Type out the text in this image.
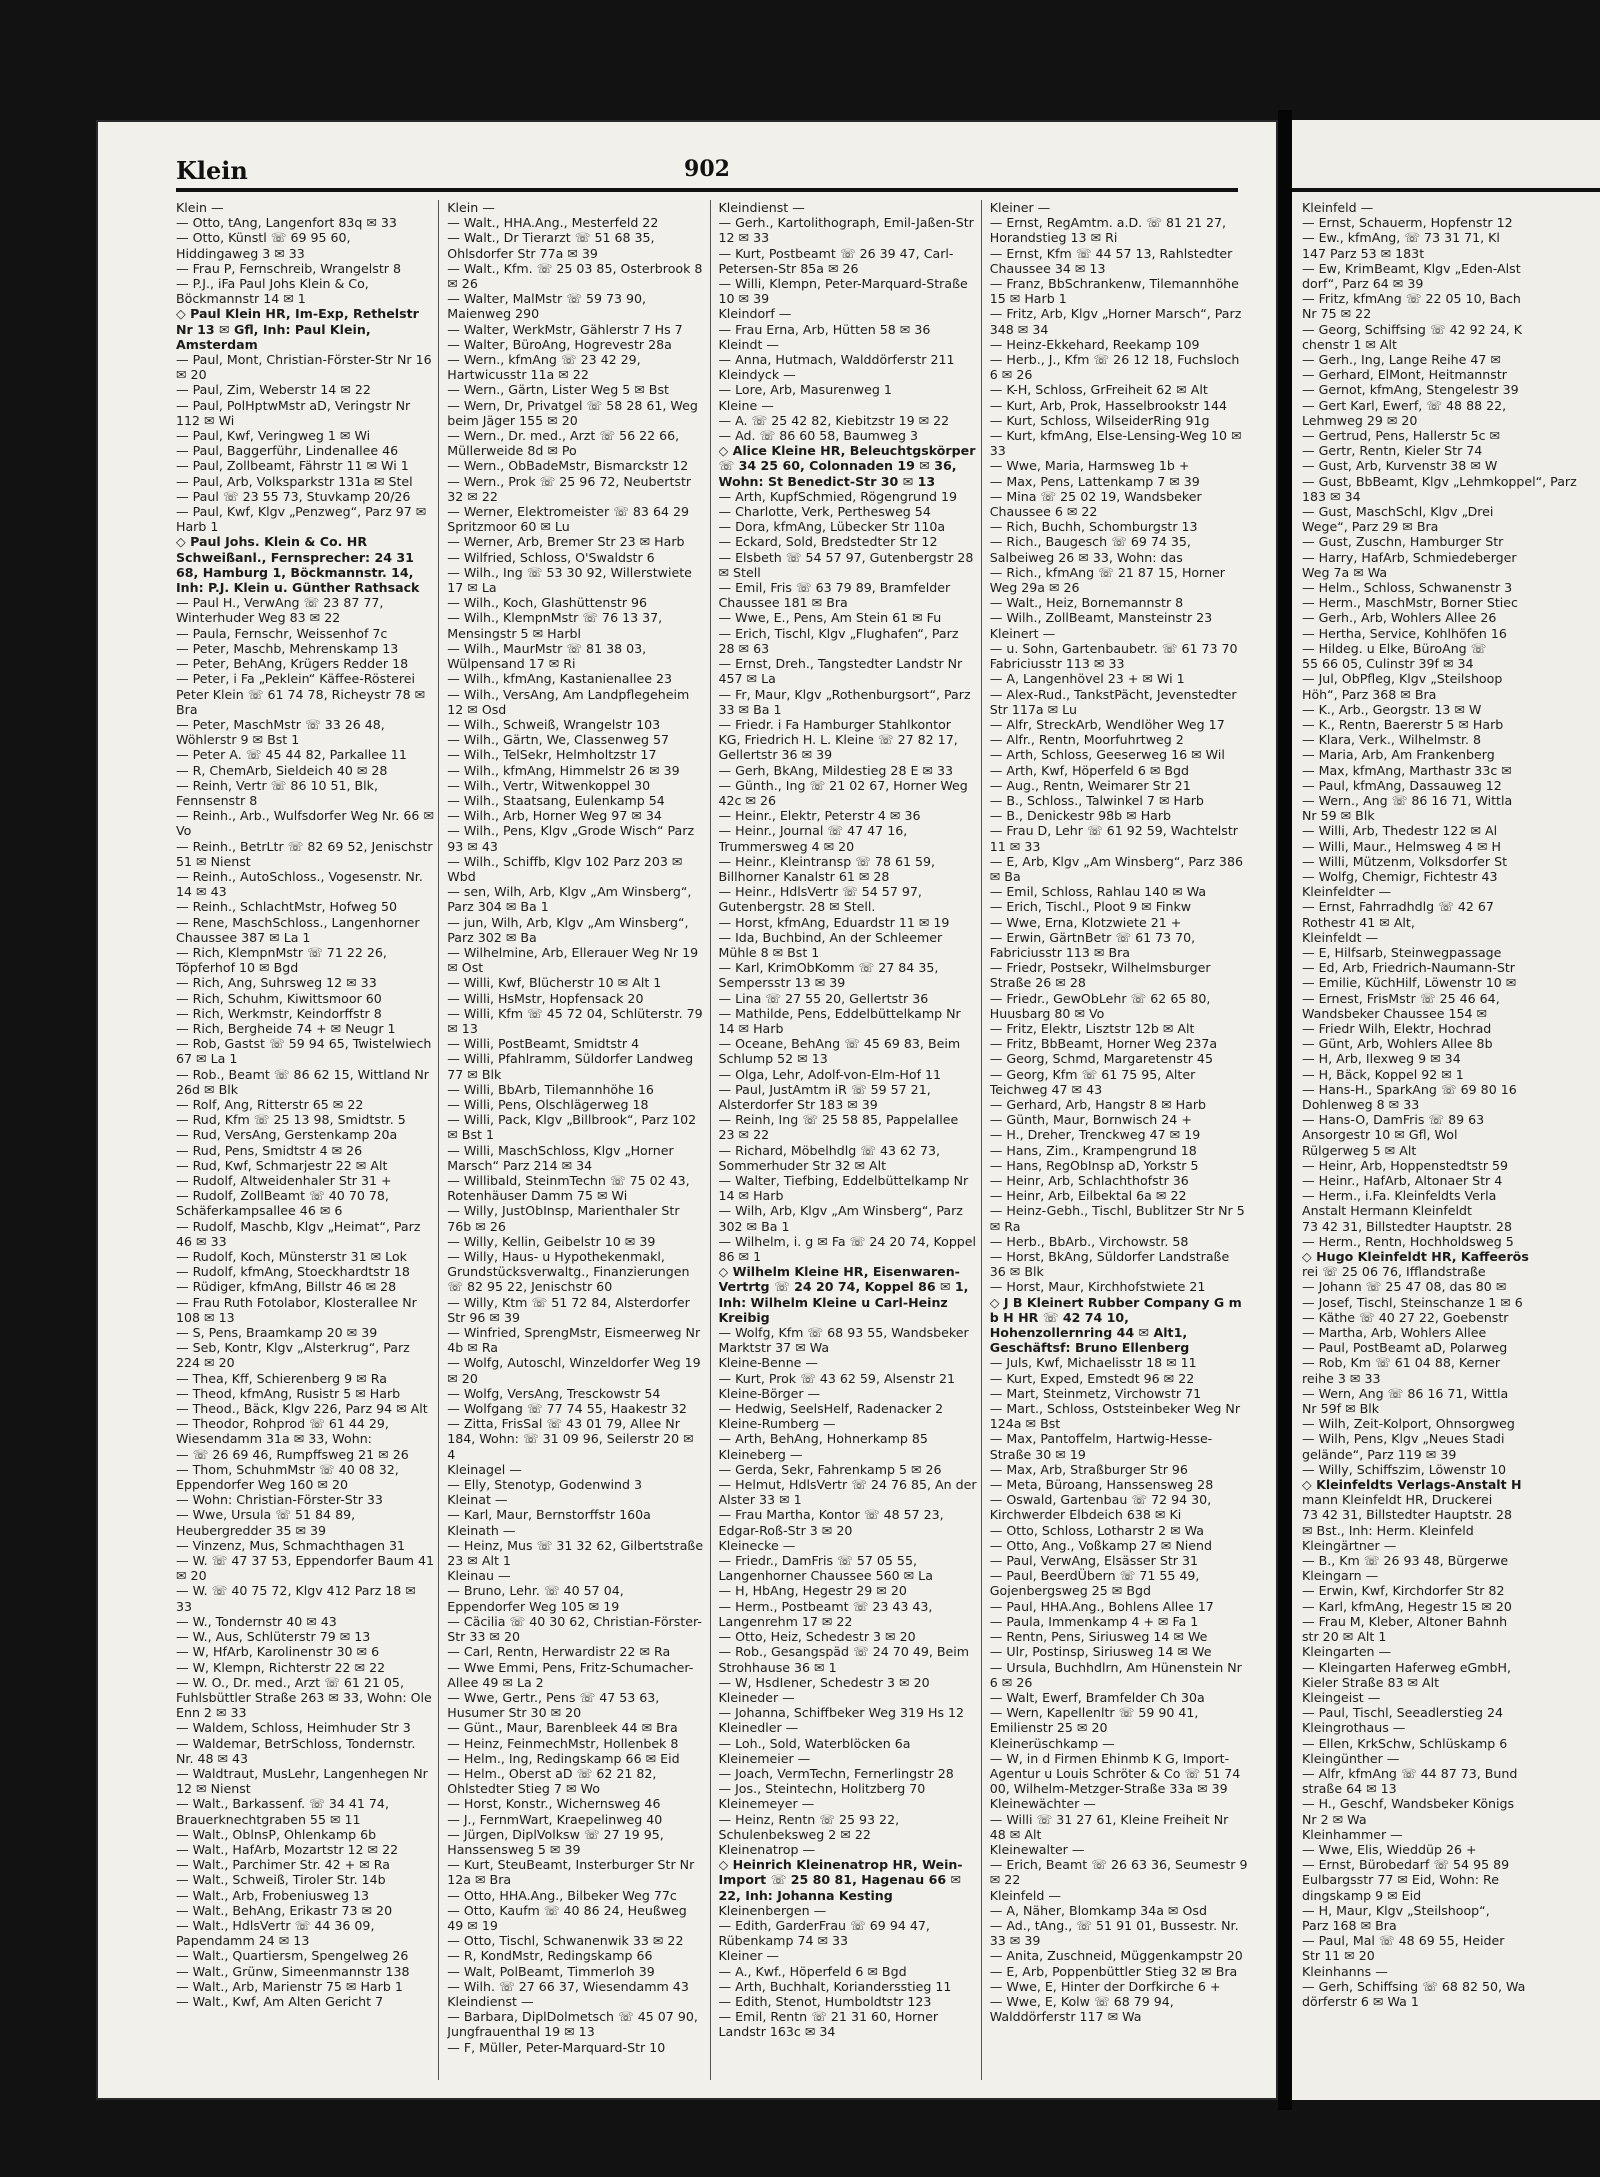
Klein	902

Klein —

— Otto, tAng, Langenfort 83q ✉ 33

— Otto, Künstl ☏ 69 95 60, Hiddingaweg 3 ✉ 33

— Frau P, Fernschreib, Wrangelstr 8

— P.J., iFa Paul Johs Klein & Co, Böckmannstr 14 ✉ 1

◇ Paul Klein HR, Im-Exp, Rethelstr Nr 13 ✉ Gfl, Inh: Paul Klein, Amsterdam

— Paul, Mont, Christian-Förster-Str Nr 16 ✉ 20

— Paul, Zim, Weberstr 14 ✉ 22

— Paul, PolHptwMstr aD, Veringstr Nr 112 ✉ Wi

— Paul, Kwf, Veringweg 1 ✉ Wi

— Paul, Baggerführ, Lindenallee 46

— Paul, Zollbeamt, Fährstr 11 ✉ Wi 1

— Paul, Arb, Volksparkstr 131a ✉ Stel

— Paul ☏ 23 55 73, Stuvkamp 20/26

— Paul, Kwf, Klgv „Penzweg“, Parz 97 ✉ Harb 1

◇ Paul Johs. Klein & Co. HR Schweißanl., Fernsprecher: 24 31 68, Hamburg 1, Böckmannstr. 14, Inh: P.J. Klein u. Günther Rathsack

— Paul H., VerwAng ☏ 23 87 77, Winterhuder Weg 83 ✉ 22

— Paula, Fernschr, Weissenhof 7c

— Peter, Maschb, Mehrenskamp 13

— Peter, BehAng, Krügers Redder 18

— Peter, i Fa „Peklein“ Käffee-Rösterei Peter Klein ☏ 61 74 78, Richeystr 78 ✉ Bra

— Peter, MaschMstr ☏ 33 26 48, Wöhlerstr 9 ✉ Bst 1

— Peter A. ☏ 45 44 82, Parkallee 11

— R, ChemArb, Sieldeich 40 ✉ 28

— Reinh, Vertr ☏ 86 10 51, Blk, Fennsenstr 8

— Reinh., Arb., Wulfsdorfer Weg Nr. 66 ✉ Vo

— Reinh., BetrLtr ☏ 82 69 52, Jenischstr 51 ✉ Nienst

— Reinh., AutoSchloss., Vogesenstr. Nr. 14 ✉ 43

— Reinh., SchlachtMstr, Hofweg 50

— Rene, MaschSchloss., Langenhorner Chaussee 387 ✉ La 1

— Rich, KlempnMstr ☏ 71 22 26, Töpferhof 10 ✉ Bgd

— Rich, Ang, Suhrsweg 12 ✉ 33

— Rich, Schuhm, Kiwittsmoor 60

— Rich, Werkmstr, Keindorffstr 8

— Rich, Bergheide 74 + ✉ Neugr 1

— Rob, Gastst ☏ 59 94 65, Twistelwiech 67 ✉ La 1

— Rob., Beamt ☏ 86 62 15, Wittland Nr 26d ✉ Blk

— Rolf, Ang, Ritterstr 65 ✉ 22

— Rud, Kfm ☏ 25 13 98, Smidtstr. 5

— Rud, VersAng, Gerstenkamp 20a

— Rud, Pens, Smidtstr 4 ✉ 26

— Rud, Kwf, Schmarjestr 22 ✉ Alt

— Rudolf, Altweidenhaler Str 31 +

— Rudolf, ZollBeamt ☏ 40 70 78, Schäferkampsallee 46 ✉ 6

— Rudolf, Maschb, Klgv „Heimat“, Parz 46 ✉ 33

— Rudolf, Koch, Münsterstr 31 ✉ Lok

— Rudolf, kfmAng, Stoeckhardtstr 18

— Rüdiger, kfmAng, Billstr 46 ✉ 28

— Frau Ruth Fotolabor, Klosterallee Nr 108 ✉ 13

— S, Pens, Braamkamp 20 ✉ 39

— Seb, Kontr, Klgv „Alsterkrug“, Parz 224 ✉ 20

— Thea, Kff, Schierenberg 9 ✉ Ra

— Theod, kfmAng, Rusistr 5 ✉ Harb

— Theod., Bäck, Klgv 226, Parz 94 ✉ Alt

— Theodor, Rohprod ☏ 61 44 29, Wiesendamm 31a ✉ 33, Wohn:

— ☏ 26 69 46, Rumpffsweg 21 ✉ 26

— Thom, SchuhmMstr ☏ 40 08 32, Eppendorfer Weg 160 ✉ 20

— Wohn: Christian-Förster-Str 33

— Wwe, Ursula ☏ 51 84 89, Heubergredder 35 ✉ 39

— Vinzenz, Mus, Schmachthagen 31

— W. ☏ 47 37 53, Eppendorfer Baum 41 ✉ 20

— W. ☏ 40 75 72, Klgv 412 Parz 18 ✉ 33

— W., Tondernstr 40 ✉ 43

— W., Aus, Schlüterstr 79 ✉ 13

— W, HfArb, Karolinenstr 30 ✉ 6

— W, Klempn, Richterstr 22 ✉ 22

— W. O., Dr. med., Arzt ☏ 61 21 05, Fuhlsbüttler Straße 263 ✉ 33, Wohn: Ole Enn 2 ✉ 33

— Waldem, Schloss, Heimhuder Str 3

— Waldemar, BetrSchloss, Tondernstr. Nr. 48 ✉ 43

— Waldtraut, MusLehr, Langenhegen Nr 12 ✉ Nienst

— Walt., Barkassenf. ☏ 34 41 74, Brauerknechtgraben 55 ✉ 11

— Walt., OblnsP, Ohlenkamp 6b

— Walt., HafArb, Mozartstr 12 ✉ 22

— Walt., Parchimer Str. 42 + ✉ Ra

— Walt., Schweiß, Tiroler Str. 14b

— Walt., Arb, Frobeniusweg 13

— Walt., BehAng, Erikastr 73 ✉ 20

— Walt., HdlsVertr ☏ 44 36 09, Papendamm 24 ✉ 13

— Walt., Quartiersm, Spengelweg 26

— Walt., Grünw, Simeenmannstr 138

— Walt., Arb, Marienstr 75 ✉ Harb 1

— Walt., Kwf, Am Alten Gericht 7

Klein —

— Walt., HHA.Ang., Mesterfeld 22

— Walt., Dr Tierarzt ☏ 51 68 35, Ohlsdorfer Str 77a ✉ 39

— Walt., Kfm. ☏ 25 03 85, Osterbrook 8 ✉ 26

— Walter, MalMstr ☏ 59 73 90, Maienweg 290

— Walter, WerkMstr, Gählerstr 7 Hs 7

— Walter, BüroAng, Hogrevestr 28a

— Wern., kfmAng ☏ 23 42 29, Hartwicusstr 11a ✉ 22

— Wern., Gärtn, Lister Weg 5 ✉ Bst

— Wern, Dr, Privatgel ☏ 58 28 61, Weg beim Jäger 155 ✉ 20

— Wern., Dr. med., Arzt ☏ 56 22 66, Müllerweide 8d ✉ Po

— Wern., ObBadeMstr, Bismarckstr 12

— Wern., Prok ☏ 25 96 72, Neubertstr 32 ✉ 22

— Werner, Elektromeister ☏ 83 64 29 Spritzmoor 60 ✉ Lu

— Werner, Arb, Bremer Str 23 ✉ Harb

— Wilfried, Schloss, O'Swaldstr 6

— Wilh., Ing ☏ 53 30 92, Willerstwiete 17 ✉ La

— Wilh., Koch, Glashüttenstr 96

— Wilh., KlempnMstr ☏ 76 13 37, Mensingstr 5 ✉ Harbl

— Wilh., MaurMstr ☏ 81 38 03, Wülpensand 17 ✉ Ri

— Wilh., kfmAng, Kastanienallee 23

— Wilh., VersAng, Am Landpflegeheim 12 ✉ Osd

— Wilh., Schweiß, Wrangelstr 103

— Wilh., Gärtn, We, Classenweg 57

— Wilh., TelSekr, Helmholtzstr 17

— Wilh., kfmAng, Himmelstr 26 ✉ 39

— Wilh., Vertr, Witwenkoppel 30

— Wilh., Staatsang, Eulenkamp 54

— Wilh., Arb, Horner Weg 97 ✉ 34

— Wilh., Pens, Klgv „Grode Wisch“ Parz 93 ✉ 43

— Wilh., Schiffb, Klgv 102 Parz 203 ✉ Wbd

— sen, Wilh, Arb, Klgv „Am Winsberg“, Parz 304 ✉ Ba 1

— jun, Wilh, Arb, Klgv „Am Winsberg“, Parz 302 ✉ Ba

— Wilhelmine, Arb, Ellerauer Weg Nr 19 ✉ Ost

— Willi, Kwf, Blücherstr 10 ✉ Alt 1

— Willi, HsMstr, Hopfensack 20

— Willi, Kfm ☏ 45 72 04, Schlüterstr. 79 ✉ 13

— Willi, PostBeamt, Smidtstr 4

— Willi, Pfahlramm, Süldorfer Landweg 77 ✉ Blk

— Willi, BbArb, Tilemannhöhe 16

— Willi, Pens, Olschlägerweg 18

— Willi, Pack, Klgv „Billbrook“, Parz 102 ✉ Bst 1

— Willi, MaschSchloss, Klgv „Horner Marsch“ Parz 214 ✉ 34

— Willibald, SteinmTechn ☏ 75 02 43, Rotenhäuser Damm 75 ✉ Wi

— Willy, JustObInsp, Marienthaler Str 76b ✉ 26

— Willy, Kellin, Geibelstr 10 ✉ 39

— Willy, Haus- u Hypothekenmakl, Grundstücksverwaltg., Finanzierungen ☏ 82 95 22, Jenischstr 60

— Willy, Ktm ☏ 51 72 84, Alsterdorfer Str 96 ✉ 39

— Winfried, SprengMstr, Eismeerweg Nr 4b ✉ Ra

— Wolfg, Autoschl, Winzeldorfer Weg 19 ✉ 20

— Wolfg, VersAng, Tresckowstr 54

— Wolfgang ☏ 77 74 55, Haakestr 32

— Zitta, FrisSal ☏ 43 01 79, Allee Nr 184, Wohn: ☏ 31 09 96, Seilerstr 20 ✉ 4

Kleinagel —

— Elly, Stenotyp, Godenwind 3

Kleinat —

— Karl, Maur, Bernstorffstr 160a

Kleinath —

— Heinz, Mus ☏ 31 32 62, Gilbertstraße 23 ✉ Alt 1

Kleinau —

— Bruno, Lehr. ☏ 40 57 04, Eppendorfer Weg 105 ✉ 19

— Cäcilia ☏ 40 30 62, Christian-Förster-Str 33 ✉ 20

— Carl, Rentn, Herwardistr 22 ✉ Ra

— Wwe Emmi, Pens, Fritz-Schumacher-Allee 49 ✉ La 2

— Wwe, Gertr., Pens ☏ 47 53 63, Husumer Str 30 ✉ 20

— Günt., Maur, Barenbleek 44 ✉ Bra

— Heinz, FeinmechMstr, Hollenbek 8

— Helm., Ing, Redingskamp 66 ✉ Eid

— Helm., Oberst aD ☏ 62 21 82, Ohlstedter Stieg 7 ✉ Wo

— Horst, Konstr., Wichernsweg 46

— J., FernmWart, Kraepelinweg 40

— Jürgen, DiplVolksw ☏ 27 19 95, Hanssensweg 5 ✉ 39

— Kurt, SteuBeamt, Insterburger Str Nr 12a ✉ Bra

— Otto, HHA.Ang., Bilbeker Weg 77c

— Otto, Kaufm ☏ 40 86 24, Heußweg 49 ✉ 19

— Otto, Tischl, Schwanenwik 33 ✉ 22

— R, KondMstr, Redingskamp 66

— Walt, PolBeamt, Timmerloh 39

— Wilh. ☏ 27 66 37, Wiesendamm 43

Kleindienst —

— Barbara, DiplDolmetsch ☏ 45 07 90, Jungfrauenthal 19 ✉ 13

— F, Müller, Peter-Marquard-Str 10

Kleindienst —

— Gerh., Kartolithograph, Emil-Jaßen-Str 12 ✉ 33

— Kurt, Postbeamt ☏ 26 39 47, Carl-Petersen-Str 85a ✉ 26

— Willi, Klempn, Peter-Marquard-Straße 10 ✉ 39

Kleindorf —

— Frau Erna, Arb, Hütten 58 ✉ 36

Kleindt —

— Anna, Hutmach, Walddörferstr 211

Kleindyck —

— Lore, Arb, Masurenweg 1

Kleine —

— A. ☏ 25 42 82, Kiebitzstr 19 ✉ 22

— Ad. ☏ 86 60 58, Baumweg 3

◇ Alice Kleine HR, Beleuchtgskörper ☏ 34 25 60, Colonnaden 19 ✉ 36, Wohn: St Benedict-Str 30 ✉ 13

— Arth, KupfSchmied, Rögengrund 19

— Charlotte, Verk, Perthesweg 54

— Dora, kfmAng, Lübecker Str 110a

— Eckard, Sold, Bredstedter Str 12

— Elsbeth ☏ 54 57 97, Gutenbergstr 28 ✉ Stell

— Emil, Fris ☏ 63 79 89, Bramfelder Chaussee 181 ✉ Bra

— Wwe, E., Pens, Am Stein 61 ✉ Fu

— Erich, Tischl, Klgv „Flughafen“, Parz 28 ✉ 63

— Ernst, Dreh., Tangstedter Landstr Nr 457 ✉ La

— Fr, Maur, Klgv „Rothenburgsort“, Parz 33 ✉ Ba 1

— Friedr. i Fa Hamburger Stahlkontor KG, Friedrich H. L. Kleine ☏ 27 82 17, Gellertstr 36 ✉ 39

— Gerh, BkAng, Mildestieg 28 E ✉ 33

— Günth., Ing ☏ 21 02 67, Horner Weg 42c ✉ 26

— Heinr., Elektr, Peterstr 4 ✉ 36

— Heinr., Journal ☏ 47 47 16, Trummersweg 4 ✉ 20

— Heinr., Kleintransp ☏ 78 61 59, Billhorner Kanalstr 61 ✉ 28

— Heinr., HdlsVertr ☏ 54 57 97, Gutenbergstr. 28 ✉ Stell.

— Horst, kfmAng, Eduardstr 11 ✉ 19

— Ida, Buchbind, An der Schleemer Mühle 8 ✉ Bst 1

— Karl, KrimObKomm ☏ 27 84 35, Sempersstr 13 ✉ 39

— Lina ☏ 27 55 20, Gellertstr 36

— Mathilde, Pens, Eddelbüttelkamp Nr 14 ✉ Harb

— Oceane, BehAng ☏ 45 69 83, Beim Schlump 52 ✉ 13

— Olga, Lehr, Adolf-von-Elm-Hof 11

— Paul, JustAmtm iR ☏ 59 57 21, Alsterdorfer Str 183 ✉ 39

— Reinh, Ing ☏ 25 58 85, Pappelallee 23 ✉ 22

— Richard, Möbelhdlg ☏ 43 62 73, Sommerhuder Str 32 ✉ Alt

— Walter, Tiefbing, Eddelbüttelkamp Nr 14 ✉ Harb

— Wilh, Arb, Klgv „Am Winsberg“, Parz 302 ✉ Ba 1

— Wilhelm, i. g ✉ Fa ☏ 24 20 74, Koppel 86 ✉ 1

◇ Wilhelm Kleine HR, Eisenwaren-Vertrtg ☏ 24 20 74, Koppel 86 ✉ 1, Inh: Wilhelm Kleine u Carl-Heinz Kreibig

— Wolfg, Kfm ☏ 68 93 55, Wandsbeker Marktstr 37 ✉ Wa

Kleine-Benne —

— Kurt, Prok ☏ 43 62 59, Alsenstr 21

Kleine-Börger —

— Hedwig, SeelsHelf, Radenacker 2

Kleine-Rumberg —

— Arth, BehAng, Hohnerkamp 85

Kleineberg —

— Gerda, Sekr, Fahrenkamp 5 ✉ 26

— Helmut, HdlsVertr ☏ 24 76 85, An der Alster 33 ✉ 1

— Frau Martha, Kontor ☏ 48 57 23, Edgar-Roß-Str 3 ✉ 20

Kleinecke —

— Friedr., DamFris ☏ 57 05 55, Langenhorner Chaussee 560 ✉ La

— H, HbAng, Hegestr 29 ✉ 20

— Herm., Postbeamt ☏ 23 43 43, Langenrehm 17 ✉ 22

— Otto, Heiz, Schedestr 3 ✉ 20

— Rob., Gesangspäd ☏ 24 70 49, Beim Strohhause 36 ✉ 1

— W, HsdIener, Schedestr 3 ✉ 20

Kleineder —

— Johanna, Schiffbeker Weg 319 Hs 12

Kleinedler —

— Loh., Sold, Waterblöcken 6a

Kleinemeier —

— Joach, VermTechn, Fernerlingstr 28

— Jos., Steintechn, Holitzberg 70

Kleinemeyer —

— Heinz, Rentn ☏ 25 93 22, Schulenbeksweg 2 ✉ 22

Kleinenatrop —

◇ Heinrich Kleinenatrop HR, Wein-Import ☏ 25 80 81, Hagenau 66 ✉ 22, Inh: Johanna Kesting

Kleinenbergen —

— Edith, GarderFrau ☏ 69 94 47, Rübenkamp 74 ✉ 33

Kleiner —

— A., Kwf., Höperfeld 6 ✉ Bgd

— Arth, Buchhalt, Koriandersstieg 11

— Edith, Stenot, Humboldtstr 123

— Emil, Rentn ☏ 21 31 60, Horner Landstr 163c ✉ 34

Kleiner —

— Ernst, RegAmtm. a.D. ☏ 81 21 27, Horandstieg 13 ✉ Ri

— Ernst, Kfm ☏ 44 57 13, Rahlstedter Chaussee 34 ✉ 13

— Franz, BbSchrankenw, Tilemannhöhe 15 ✉ Harb 1

— Fritz, Arb, Klgv „Horner Marsch“, Parz 348 ✉ 34

— Heinz-Ekkehard, Reekamp 109

— Herb., J., Kfm ☏ 26 12 18, Fuchsloch 6 ✉ 26

— K-H, Schloss, GrFreiheit 62 ✉ Alt

— Kurt, Arb, Prok, Hasselbrookstr 144

— Kurt, Schloss, WilseiderRing 91g

— Kurt, kfmAng, Else-Lensing-Weg 10 ✉ 33

— Wwe, Maria, Harmsweg 1b +

— Max, Pens, Lattenkamp 7 ✉ 39

— Mina ☏ 25 02 19, Wandsbeker Chaussee 6 ✉ 22

— Rich, Buchh, Schomburgstr 13

— Rich., Baugesch ☏ 69 74 35, Salbeiweg 26 ✉ 33, Wohn: das

— Rich., kfmAng ☏ 21 87 15, Horner Weg 29a ✉ 26

— Walt., Heiz, Bornemannstr 8

— Wilh., ZollBeamt, Mansteinstr 23

Kleinert —

— u. Sohn, Gartenbaubetr. ☏ 61 73 70 Fabriciusstr 113 ✉ 33

— A, Langenhövel 23 + ✉ Wi 1

— Alex-Rud., TankstPächt, Jevenstedter Str 117a ✉ Lu

— Alfr, StreckArb, Wendlöher Weg 17

— Alfr., Rentn, Moorfuhrtweg 2

— Arth, Schloss, Geeserweg 16 ✉ Wil

— Arth, Kwf, Höperfeld 6 ✉ Bgd

— Aug., Rentn, Weimarer Str 21

— B., Schloss., Talwinkel 7 ✉ Harb

— B., Denickestr 98b ✉ Harb

— Frau D, Lehr ☏ 61 92 59, Wachtelstr 11 ✉ 33

— E, Arb, Klgv „Am Winsberg“, Parz 386 ✉ Ba

— Emil, Schloss, Rahlau 140 ✉ Wa

— Erich, Tischl., Ploot 9 ✉ Finkw

— Wwe, Erna, Klotzwiete 21 +

— Erwin, GärtnBetr ☏ 61 73 70, Fabriciusstr 113 ✉ Bra

— Friedr, Postsekr, Wilhelmsburger Straße 26 ✉ 28

— Friedr., GewObLehr ☏ 62 65 80, Huusbarg 80 ✉ Vo

— Fritz, Elektr, Lisztstr 12b ✉ Alt

— Fritz, BbBeamt, Horner Weg 237a

— Georg, Schmd, Margaretenstr 45

— Georg, Kfm ☏ 61 75 95, Alter Teichweg 47 ✉ 43

— Gerhard, Arb, Hangstr 8 ✉ Harb

— Günth, Maur, Bornwisch 24 +

— H., Dreher, Trenckweg 47 ✉ 19

— Hans, Zim., Krampengrund 18

— Hans, RegObInsp aD, Yorkstr 5

— Heinr, Arb, Schlachthofstr 36

— Heinr, Arb, Eilbektal 6a ✉ 22

— Heinz-Gebh., Tischl, Bublitzer Str Nr 5 ✉ Ra

— Herb., BbArb., Virchowstr. 58

— Horst, BkAng, Süldorfer Landstraße 36 ✉ Blk

— Horst, Maur, Kirchhofstwiete 21

◇ J B Kleinert Rubber Company G m b H HR ☏ 42 74 10, Hohenzollernring 44 ✉ Alt1, Geschäftsf: Bruno Ellenberg

— Juls, Kwf, Michaelisstr 18 ✉ 11

— Kurt, Exped, Emstedt 96 ✉ 22

— Mart, Steinmetz, Virchowstr 71

— Mart., Schloss, Oststeinbeker Weg Nr 124a ✉ Bst

— Max, Pantoffelm, Hartwig-Hesse-Straße 30 ✉ 19

— Max, Arb, Straßburger Str 96

— Meta, Büroang, Hanssensweg 28

— Oswald, Gartenbau ☏ 72 94 30, Kirchwerder Elbdeich 638 ✉ Ki

— Otto, Schloss, Lotharstr 2 ✉ Wa

— Otto, Ang., Voßkamp 27 ✉ Niend

— Paul, VerwAng, Elsässer Str 31

— Paul, BeerdÜbern ☏ 71 55 49, Gojenbergsweg 25 ✉ Bgd

— Paul, HHA.Ang., Bohlens Allee 17

— Paula, Immenkamp 4 + ✉ Fa 1

— Rentn, Pens, Siriusweg 14 ✉ We

— Ulr, Postinsp, Siriusweg 14 ✉ We

— Ursula, Buchhdlrn, Am Hünenstein Nr 6 ✉ 26

— Walt, Ewerf, Bramfelder Ch 30a

— Wern, Kapellenltr ☏ 59 90 41, Emilienstr 25 ✉ 20

Kleinerüschkamp —

— W, in d Firmen Ehinmb K G, Import-Agentur u Louis Schröter & Co ☏ 51 74 00, Wilhelm-Metzger-Straße 33a ✉ 39

Kleinewächter —

— Willi ☏ 31 27 61, Kleine Freiheit Nr 48 ✉ Alt

Kleinewalter —

— Erich, Beamt ☏ 26 63 36, Seumestr 9 ✉ 22

Kleinfeld —

— A, Näher, Blomkamp 34a ✉ Osd

— Ad., tAng., ☏ 51 91 01, Bussestr. Nr. 33 ✉ 39

— Anita, Zuschneid, Müggenkampstr 20

— E, Arb, Poppenbüttler Stieg 32 ✉ Bra

— Wwe, E, Hinter der Dorfkirche 6 +

— Wwe, E, Kolw ☏ 68 79 94, Walddörferstr 117 ✉ Wa

Kleinfeld —

— Ernst, Schauerm, Hopfenstr 12

— Ew., kfmAng, ☏ 73 31 71, Kl

147 Parz 53 ✉ 183t

— Ew, KrimBeamt, Klgv „Eden-Alst

dorf“, Parz 64 ✉ 39

— Fritz, kfmAng ☏ 22 05 10, Bach

Nr 75 ✉ 22

— Georg, Schiffsing ☏ 42 92 24, K

chenstr 1 ✉ Alt

— Gerh., Ing, Lange Reihe 47 ✉

— Gerhard, ElMont, Heitmannstr

— Gernot, kfmAng, Stengelestr 39

— Gert Karl, Ewerf, ☏ 48 88 22,

Lehmweg 29 ✉ 20

— Gertrud, Pens, Hallerstr 5c ✉

— Gertr, Rentn, Kieler Str 74

— Gust, Arb, Kurvenstr 38 ✉ W

— Gust, BbBeamt, Klgv „Lehmkoppel“, Parz 183 ✉ 34

— Gust, MaschSchl, Klgv „Drei

Wege“, Parz 29 ✉ Bra

— Gust, Zuschn, Hamburger Str

— Harry, HafArb, Schmiedeberger

Weg 7a ✉ Wa

— Helm., Schloss, Schwanenstr 3

— Herm., MaschMstr, Borner Stiec

— Gerh., Arb, Wohlers Allee 26

— Hertha, Service, Kohlhöfen 16

— Hildeg. u Elke, BüroAng ☏

55 66 05, Culinstr 39f ✉ 34

— Jul, ObPfleg, Klgv „Steilshoop

Höh“, Parz 368 ✉ Bra

— K., Arb., Georgstr. 13 ✉ W

— K., Rentn, Baererstr 5 ✉ Harb

— Klara, Verk., Wilhelmstr. 8

— Maria, Arb, Am Frankenberg

— Max, kfmAng, Marthastr 33c ✉

— Paul, kfmAng, Dassauweg 12

— Wern., Ang ☏ 86 16 71, Wittla

Nr 59 ✉ Blk

— Willi, Arb, Thedestr 122 ✉ Al

— Willi, Maur., Helmsweg 4 ✉ H

— Willi, Mützenm, Volksdorfer St

— Wolfg, Chemigr, Fichtestr 43

Kleinfeldter —

— Ernst, Fahrradhdlg ☏ 42 67

Rothestr 41 ✉ Alt,

Kleinfeldt —

— E, Hilfsarb, Steinwegpassage

— Ed, Arb, Friedrich-Naumann-Str

— Emilie, KüchHilf, Löwenstr 10 ✉

— Ernest, FrisMstr ☏ 25 46 64,

Wandsbeker Chaussee 154 ✉

— Friedr Wilh, Elektr, Hochrad

— Günt, Arb, Wohlers Allee 8b

— H, Arb, Ilexweg 9 ✉ 34

— H, Bäck, Koppel 92 ✉ 1

— Hans-H., SparkAng ☏ 69 80 16

Dohlenweg 8 ✉ 33

— Hans-O, DamFris ☏ 89 63

Ansorgestr 10 ✉ Gfl, Wol

Rülgerweg 5 ✉ Alt

— Heinr, Arb, Hoppenstedtstr 59

— Heinr., HafArb, Altonaer Str 4

— Herm., i.Fa. Kleinfeldts Verla

Anstalt Hermann Kleinfeldt

73 42 31, Billstedter Hauptstr. 28

— Herm., Rentn, Hochholdsweg 5

◇ Hugo Kleinfeldt HR, Kaffeerös

rei ☏ 25 06 76, Ifflandstraße

— Johann ☏ 25 47 08, das 80 ✉

— Josef, Tischl, Steinschanze 1 ✉ 6

— Käthe ☏ 40 27 22, Goebenstr

— Martha, Arb, Wohlers Allee

— Paul, PostBeamt aD, Polarweg

— Rob, Km ☏ 61 04 88, Kerner

reihe 3 ✉ 33

— Wern, Ang ☏ 86 16 71, Wittla

Nr 59f ✉ Blk

— Wilh, Zeit-Kolport, Ohnsorgweg

— Wilh, Pens, Klgv „Neues Stadi

gelände“, Parz 119 ✉ 39

— Willy, Schiffszim, Löwenstr 10

◇ Kleinfeldts Verlags-Anstalt H

mann Kleinfeldt HR, Druckerei

73 42 31, Billstedter Hauptstr. 28

✉ Bst., Inh: Herm. Kleinfeld

Kleingärtner —

— B., Km ☏ 26 93 48, Bürgerwe

Kleingarn —

— Erwin, Kwf, Kirchdorfer Str 82

— Karl, kfmAng, Hegestr 15 ✉ 20

— Frau M, Kleber, Altoner Bahnh

str 20 ✉ Alt 1

Kleingarten —

— Kleingarten Haferweg eGmbH,

Kieler Straße 83 ✉ Alt

Kleingeist —

— Paul, Tischl, Seeadlerstieg 24

Kleingrothaus —

— Ellen, KrkSchw, Schlüskamp 6

Kleingünther —

— Alfr, kfmAng ☏ 44 87 73, Bund

straße 64 ✉ 13

— H., Geschf, Wandsbeker Königs

Nr 2 ✉ Wa

Kleinhammer —

— Wwe, Elis, Wieddüp 26 +

— Ernst, Bürobedarf ☏ 54 95 89

Eulbargsstr 77 ✉ Eid, Wohn: Re

dingskamp 9 ✉ Eid

— H, Maur, Klgv „Steilshoop“,

Parz 168 ✉ Bra

— Paul, Mal ☏ 48 69 55, Heider

Str 11 ✉ 20

Kleinhanns —

— Gerh, Schiffsing ☏ 68 82 50, Wa

dörferstr 6 ✉ Wa 1
